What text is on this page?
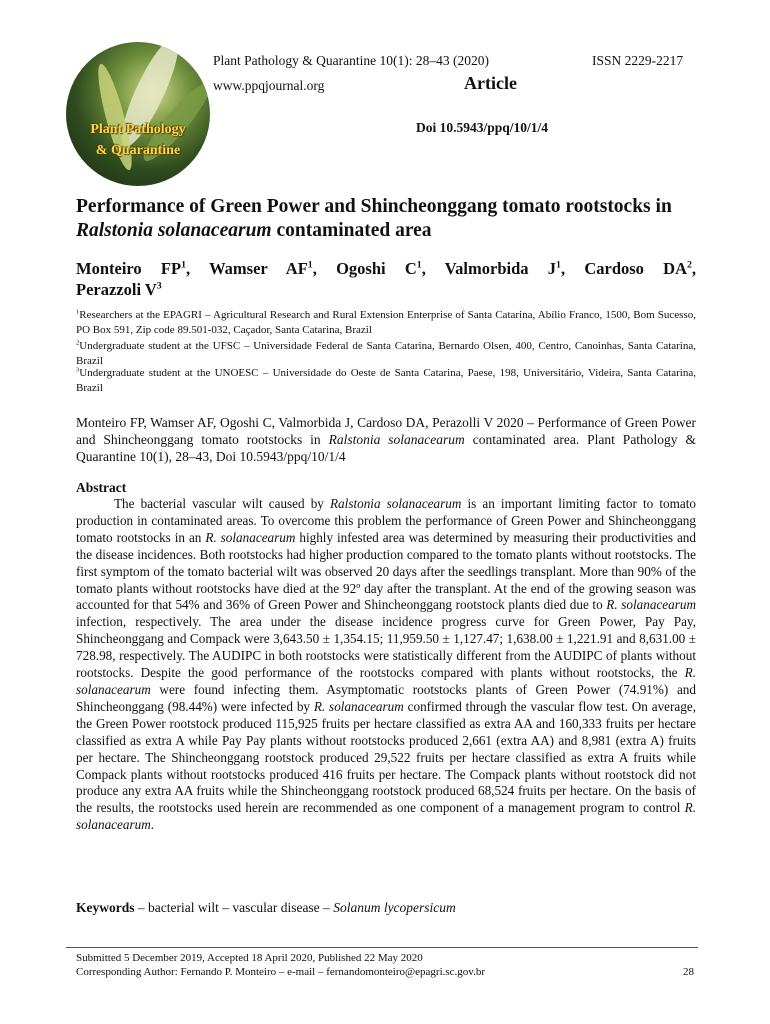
Plant Pathology
& Quarantine
Plant Pathology & Quarantine 10(1): 28–43 (2020)	ISSN 2229-2217
www.ppqjournal.org	Article
Doi 10.5943/ppq/10/1/4
Performance of Green Power and Shincheonggang tomato rootstocks in Ralstonia solanacearum contaminated area
Monteiro $FP^1$, Wamser $AF^1$, Ogoshi $C^1$, Valmorbida $J^1$, Cardoso $DA^2$,
Perazzoli $V^3$
$^1$Researchers at the EPAGRI – Agricultural Research and Rural Extension Enterprise of Santa Catarina, Abílio Franco, 1500, Bom Sucesso, PO Box 591, Zip code 89.501-032, Caçador, Santa Catarina, Brazil
$^2$Undergraduate student at the UFSC – Universidade Federal de Santa Catarina, Bernardo Olsen, 400, Centro, Canoinhas, Santa Catarina, Brazil
$^3$Undergraduate student at the UNOESC – Universidade do Oeste de Santa Catarina, Paese, 198, Universitário, Videira, Santa Catarina, Brazil
Monteiro FP, Wamser AF, Ogoshi C, Valmorbida J, Cardoso DA, Perazolli V 2020 – Performance of Green Power and Shincheonggang tomato rootstocks in Ralstonia solanacearum contaminated area. Plant Pathology & Quarantine 10(1), 28–43, Doi 10.5943/ppq/10/1/4
Abstract
The bacterial vascular wilt caused by Ralstonia solanacearum is an important limiting factor to tomato production in contaminated areas. To overcome this problem the performance of Green Power and Shincheonggang tomato rootstocks in an R. solanacearum highly infested area was determined by measuring their productivities and the disease incidences. Both rootstocks had higher production compared to the tomato plants without rootstocks. The first symptom of the tomato bacterial wilt was observed 20 days after the seedlings transplant. More than 90% of the tomato plants without rootstocks have died at the 92º day after the transplant. At the end of the growing season was accounted for that 54% and 36% of Green Power and Shincheonggang rootstock plants died due to R. solanacearum infection, respectively. The area under the disease incidence progress curve for Green Power, Pay Pay, Shincheonggang and Compack were 3,643.50 ± 1,354.15; 11,959.50 ± 1,127.47; 1,638.00 ± 1,221.91 and 8,631.00 ± 728.98, respectively. The AUDIPC in both rootstocks were statistically different from the AUDIPC of plants without rootstocks. Despite the good performance of the rootstocks compared with plants without rootstocks, the R. solanacearum were found infecting them. Asymptomatic rootstocks plants of Green Power (74.91%) and Shincheonggang (98.44%) were infected by R. solanacearum confirmed through the vascular flow test. On average, the Green Power rootstock produced 115,925 fruits per hectare classified as extra AA and 160,333 fruits per hectare classified as extra A while Pay Pay plants without rootstocks produced 2,661 (extra AA) and 8,981 (extra A) fruits per hectare. The Shincheonggang rootstock produced 29,522 fruits per hectare classified as extra A fruits while Compack plants without rootstocks produced 416 fruits per hectare. The Compack plants without rootstock did not produce any extra AA fruits while the Shincheonggang rootstock produced 68,524 fruits per hectare. On the basis of the results, the rootstocks used herein are recommended as one component of a management program to control R. solanacearum.
Keywords – bacterial wilt – vascular disease – Solanum lycopersicum
Submitted 5 December 2019, Accepted 18 April 2020, Published 22 May 2020
Corresponding Author: Fernando P. Monteiro – e-mail – fernandomonteiro@epagri.sc.gov.br	28
